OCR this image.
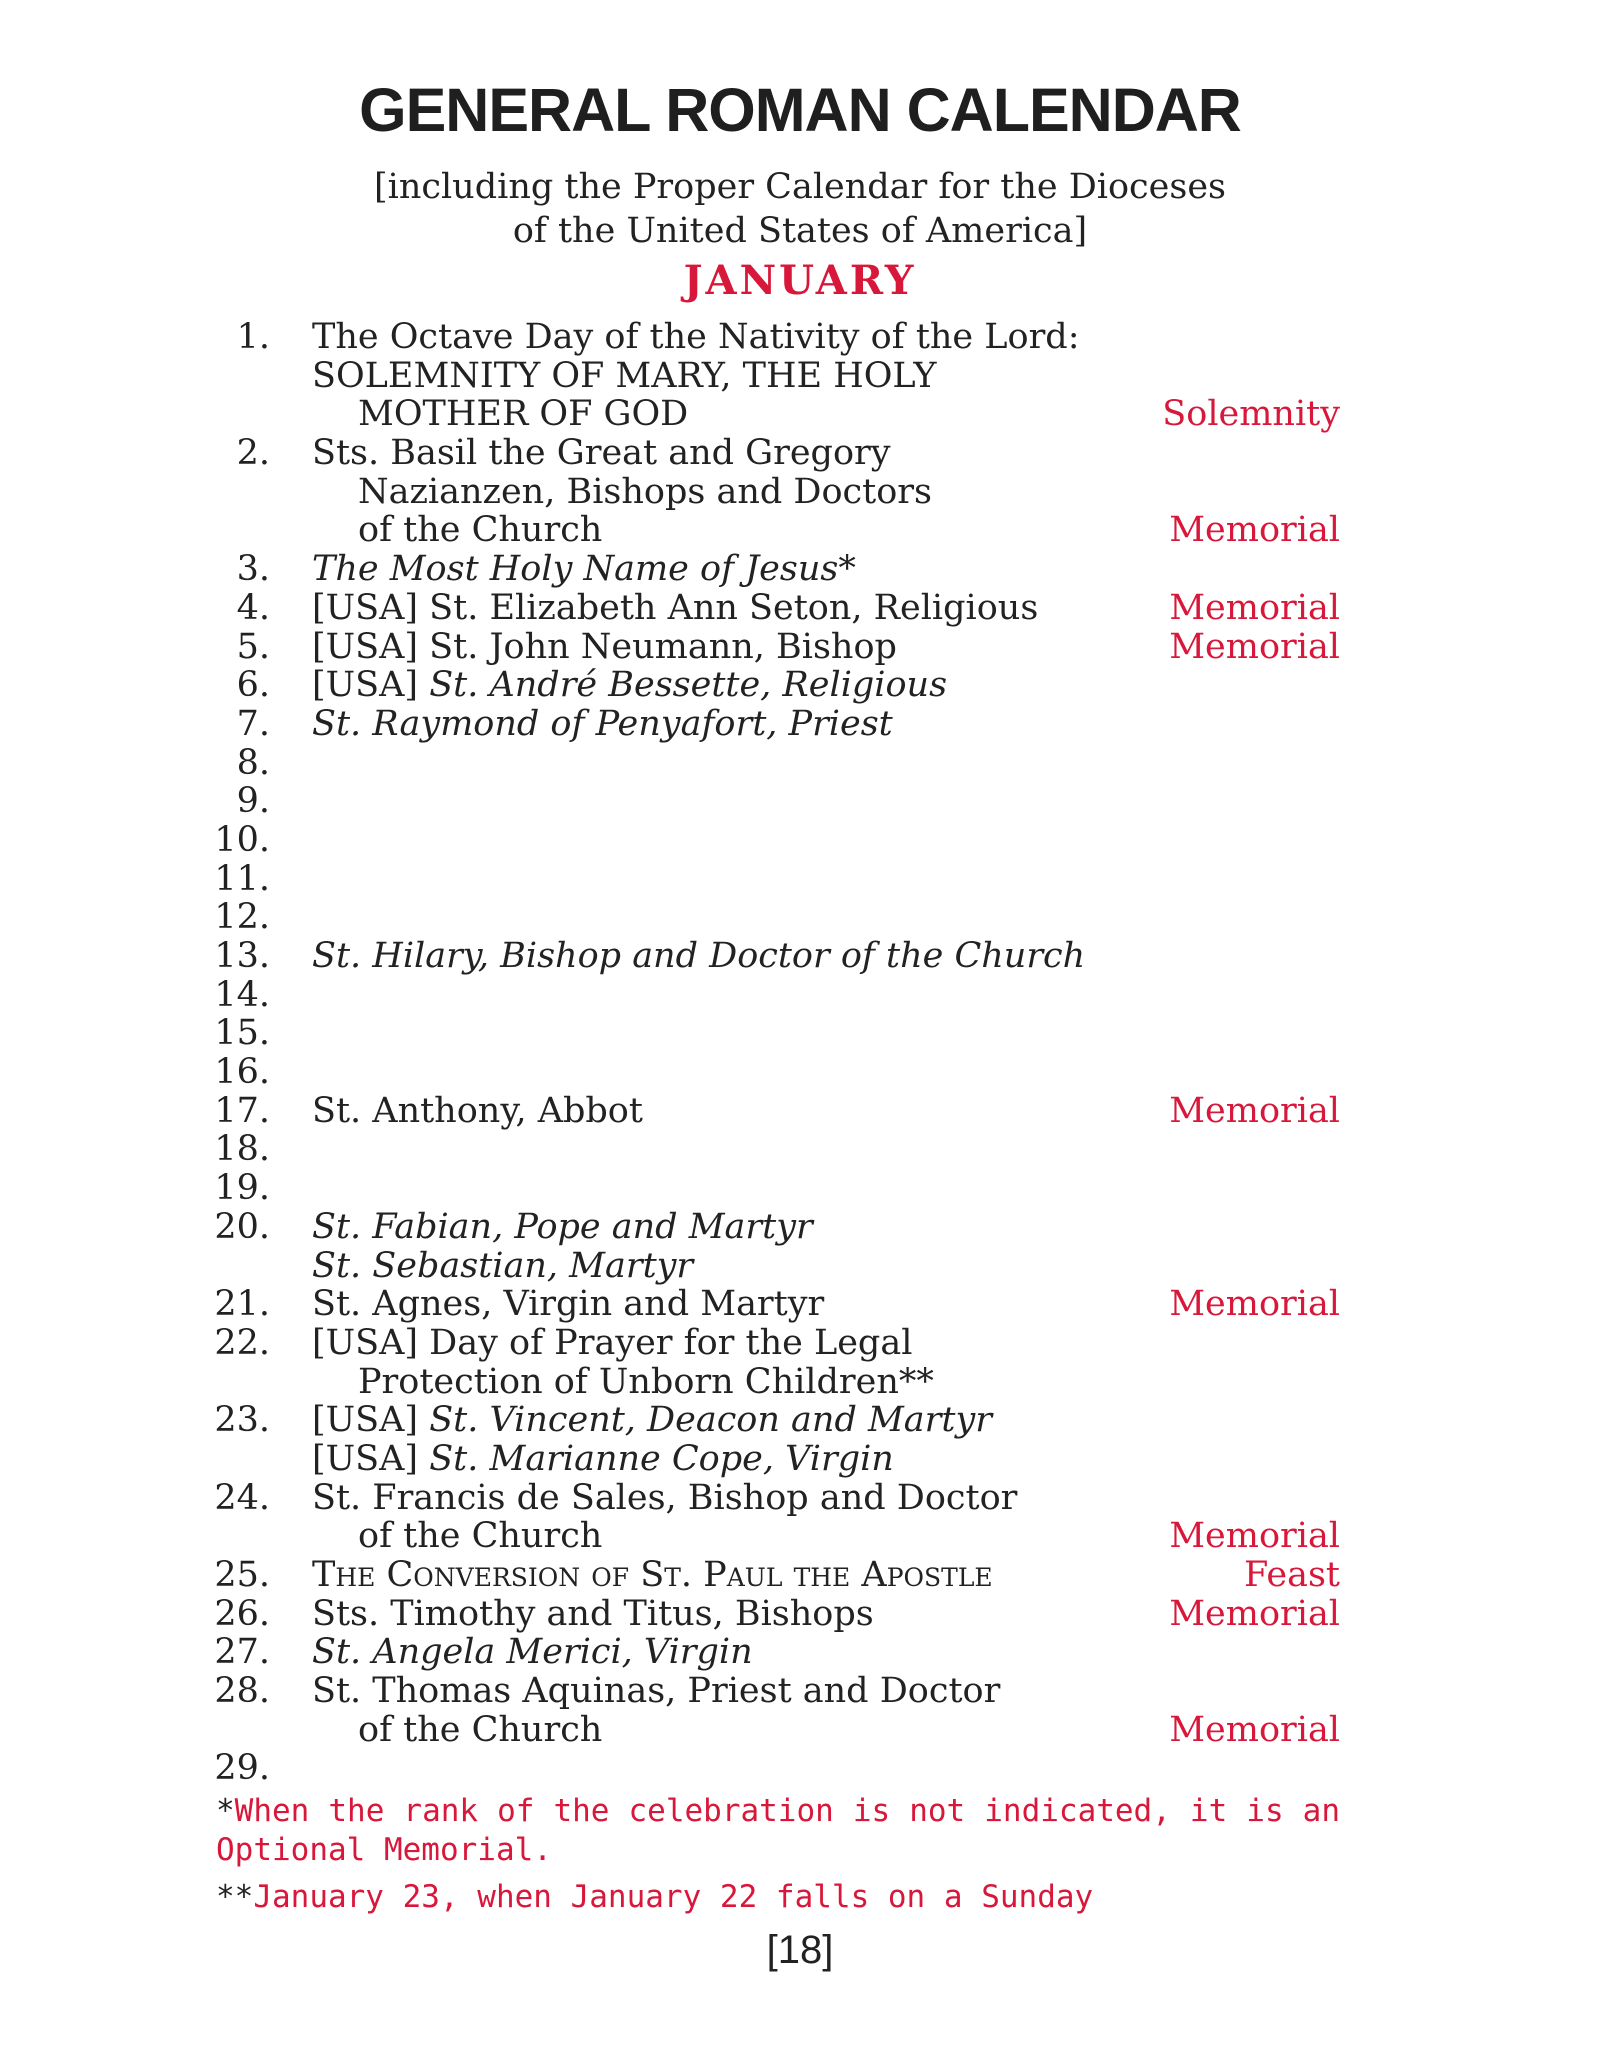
GENERAL ROMAN CALENDAR
[including the Proper Calendar for the Dioceses
of the United States of America]
JANUARY
1. The Octave Day of the Nativity of the Lord:
SOLEMNITY OF MARY, THE HOLY
MOTHER OF GOD	Solemnity
2. Sts. Basil the Great and Gregory
Nazianzen, Bishops and Doctors
of the Church	Memorial
3. The Most Holy Name of Jesus*
4. [USA] St. Elizabeth Ann Seton, Religious	Memorial
5. [USA] St. John Neumann, Bishop	Memorial
6. [USA] St. André Bessette, Religious
7. St. Raymond of Penyafort, Priest
8.
9.
10.
11.
12.
13. St. Hilary, Bishop and Doctor of the Church
14.
15.
16.
17. St. Anthony, Abbot	Memorial
18.
19.
20. St. Fabian, Pope and Martyr
St. Sebastian, Martyr
21. St. Agnes, Virgin and Martyr	Memorial
22. [USA] Day of Prayer for the Legal
Protection of Unborn Children**
23. [USA] St. Vincent, Deacon and Martyr
[USA] St. Marianne Cope, Virgin
24. St. Francis de Sales, Bishop and Doctor
of the Church	Memorial
25. The Conversion of St. Paul the Apostle	Feast
26. Sts. Timothy and Titus, Bishops	Memorial
27. St. Angela Merici, Virgin
28. St. Thomas Aquinas, Priest and Doctor
of the Church	Memorial
29.
*When the rank of the celebration is not indicated, it is an Optional Memorial.
**January 23, when January 22 falls on a Sunday
[18]
